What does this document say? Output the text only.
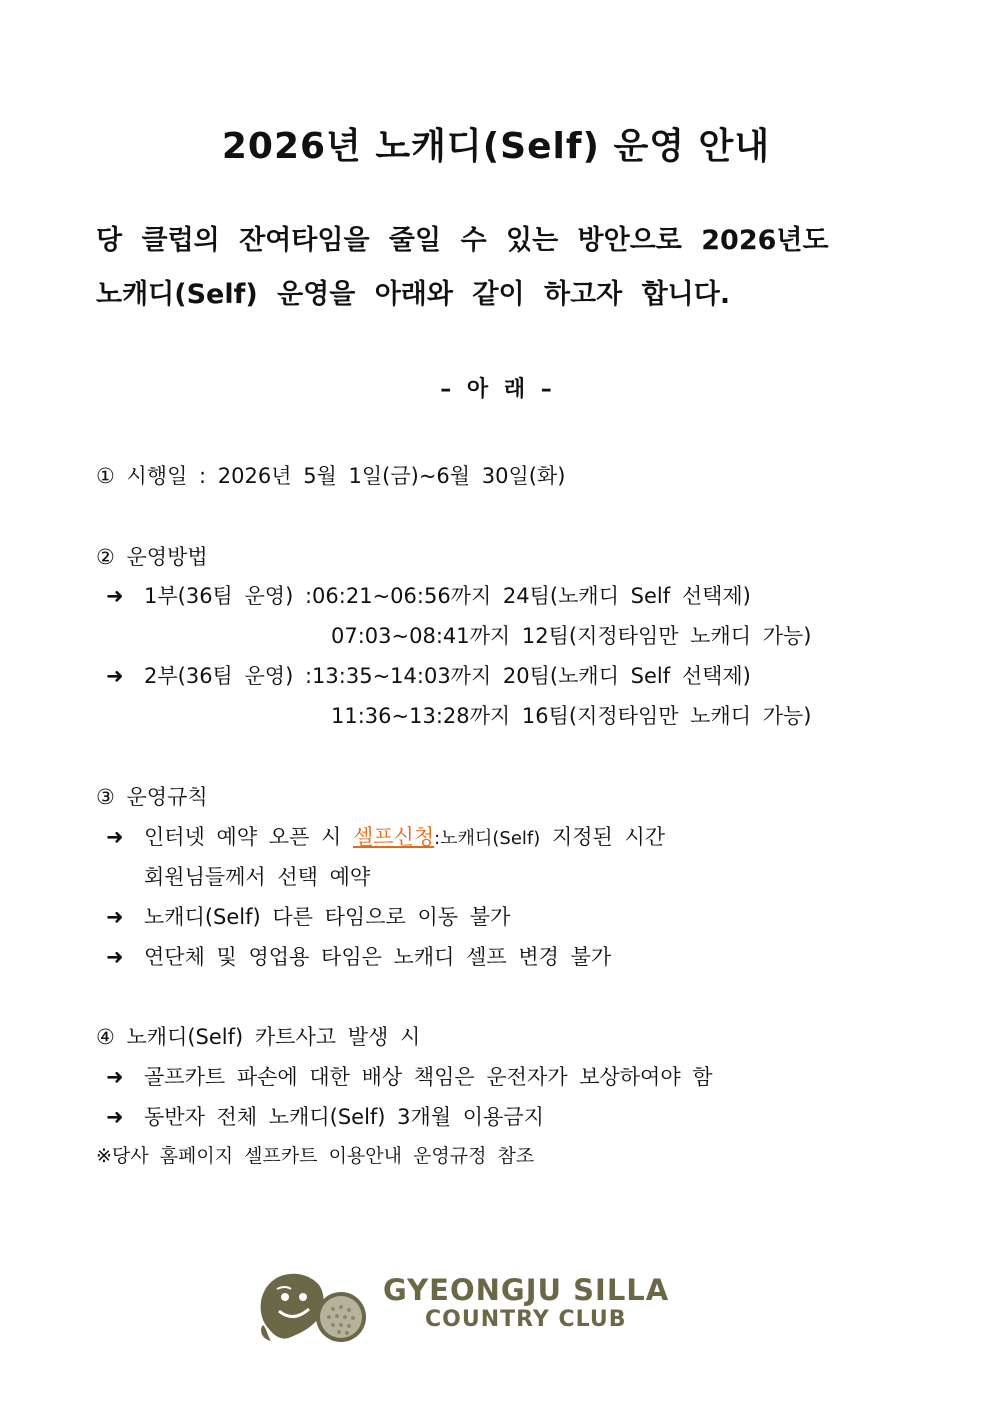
2026년 노캐디(Self) 운영 안내
당 클럽의 잔여타임을 줄일 수 있는 방안으로 2026년도
노캐디(Self) 운영을 아래와 같이 하고자 합니다.
– 아 래 –
① 시행일 : 2026년 5월 1일(금)~6월 30일(화)
② 운영방법
➜ 1부(36팀 운영) :06:21~06:56까지 24팀(노캐디 Self 선택제)
07:03~08:41까지 12팀(지정타임만 노캐디 가능)
➜ 2부(36팀 운영) :13:35~14:03까지 20팀(노캐디 Self 선택제)
11:36~13:28까지 16팀(지정타임만 노캐디 가능)
③ 운영규칙
➜ 인터넷 예약 오픈 시 셀프신청:노캐디(Self) 지정된 시간
회원님들께서 선택 예약
➜ 노캐디(Self) 다른 타임으로 이동 불가
➜ 연단체 및 영업용 타임은 노캐디 셀프 변경 불가
④ 노캐디(Self) 카트사고 발생 시
➜ 골프카트 파손에 대한 배상 책임은 운전자가 보상하여야 함
➜ 동반자 전체 노캐디(Self) 3개월 이용금지
※당사 홈페이지 셀프카트 이용안내 운영규정 참조
GYEONGJU SILLA
COUNTRY CLUB
